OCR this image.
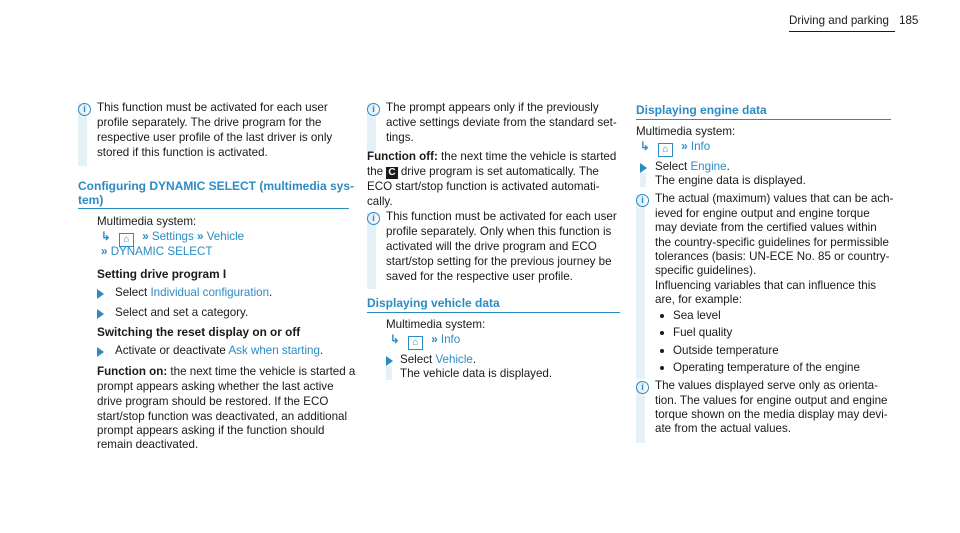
Driving and parking 185
i This function must be activated for each user
profile separately. The drive program for the
respective user profile of the last driver is only
stored if this function is activated.
Configuring DYNAMIC SELECT (multimedia sys-
tem)
Multimedia system:
↳ ⌂ » Settings » Vehicle
» DYNAMIC SELECT
Setting drive program I
Select Individual configuration.
Select and set a category.
Switching the reset display on or off
Activate or deactivate Ask when starting.
Function on: the next time the vehicle is started a
prompt appears asking whether the last active
drive program should be restored. If the ECO
start/stop function was deactivated, an additional
prompt appears asking if the function should
remain deactivated.
i The prompt appears only if the previously
active settings deviate from the standard set-
tings.
Function off: the next time the vehicle is started
the C drive program is set automatically. The
ECO start/stop function is activated automati-
cally.
i This function must be activated for each user
profile separately. Only when this function is
activated will the drive program and ECO
start/stop setting for the previous journey be
saved for the respective user profile.
Displaying vehicle data
Multimedia system:
↳ ⌂ » Info
Select Vehicle.
The vehicle data is displayed.
Displaying engine data
Multimedia system:
↳ ⌂ » Info
Select Engine.
The engine data is displayed.
i The actual (maximum) values that can be ach-
ieved for engine output and engine torque
may deviate from the certified values within
the country-specific guidelines for permissible
tolerances (basis: UN-ECE No. 85 or country-
specific guidelines).
Influencing variables that can influence this
are, for example:
Sea level
Fuel quality
Outside temperature
Operating temperature of the engine
i The values displayed serve only as orienta-
tion. The values for engine output and engine
torque shown on the media display may devi-
ate from the actual values.
